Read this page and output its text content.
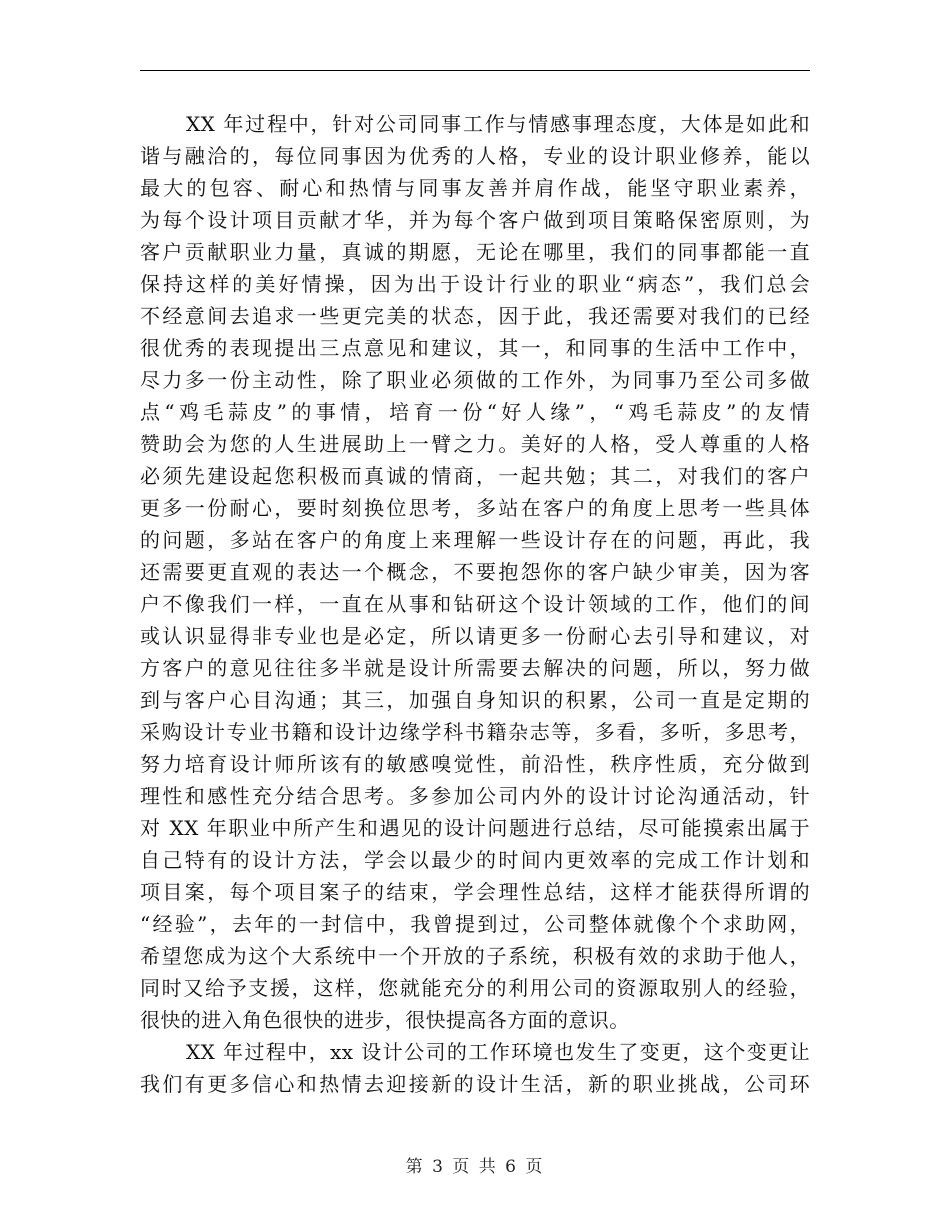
XX 年过程中，针对公司同事工作与情感事理态度，大体是如此和
谐与融洽的，每位同事因为优秀的人格，专业的设计职业修养，能以
最大的包容、耐心和热情与同事友善并肩作战，能坚守职业素养，
为每个设计项目贡献才华，并为每个客户做到项目策略保密原则，为
客户贡献职业力量，真诚的期愿，无论在哪里，我们的同事都能一直
保持这样的美好情操，因为出于设计行业的职业“病态”，我们总会
不经意间去追求一些更完美的状态，因于此，我还需要对我们的已经
很优秀的表现提出三点意见和建议，其一，和同事的生活中工作中，
尽力多一份主动性，除了职业必须做的工作外，为同事乃至公司多做
点“鸡毛蒜皮”的事情，培育一份“好人缘”，“鸡毛蒜皮”的友情
赞助会为您的人生进展助上一臂之力。美好的人格，受人尊重的人格
必须先建设起您积极而真诚的情商，一起共勉；其二，对我们的客户
更多一份耐心，要时刻换位思考，多站在客户的角度上思考一些具体
的问题，多站在客户的角度上来理解一些设计存在的问题，再此，我
还需要更直观的表达一个概念，不要抱怨你的客户缺少审美，因为客
户不像我们一样，一直在从事和钻研这个设计领域的工作，他们的间
或认识显得非专业也是必定，所以请更多一份耐心去引导和建议，对
方客户的意见往往多半就是设计所需要去解决的问题，所以，努力做
到与客户心目沟通；其三，加强自身知识的积累，公司一直是定期的
采购设计专业书籍和设计边缘学科书籍杂志等，多看，多听，多思考，
努力培育设计师所该有的敏感嗅觉性，前沿性，秩序性质，充分做到
理性和感性充分结合思考。多参加公司内外的设计讨论沟通活动，针
对 XX 年职业中所产生和遇见的设计问题进行总结，尽可能摸索出属于
自己特有的设计方法，学会以最少的时间内更效率的完成工作计划和
项目案，每个项目案子的结束，学会理性总结，这样才能获得所谓的
“经验”，去年的一封信中，我曾提到过，公司整体就像个个求助网，
希望您成为这个大系统中一个开放的子系统，积极有效的求助于他人，
同时又给予支援，这样，您就能充分的利用公司的资源取别人的经验，
很快的进入角色很快的进步，很快提高各方面的意识。
XX 年过程中，xx 设计公司的工作环境也发生了变更，这个变更让
我们有更多信心和热情去迎接新的设计生活，新的职业挑战，公司环
第 3 页 共 6 页
